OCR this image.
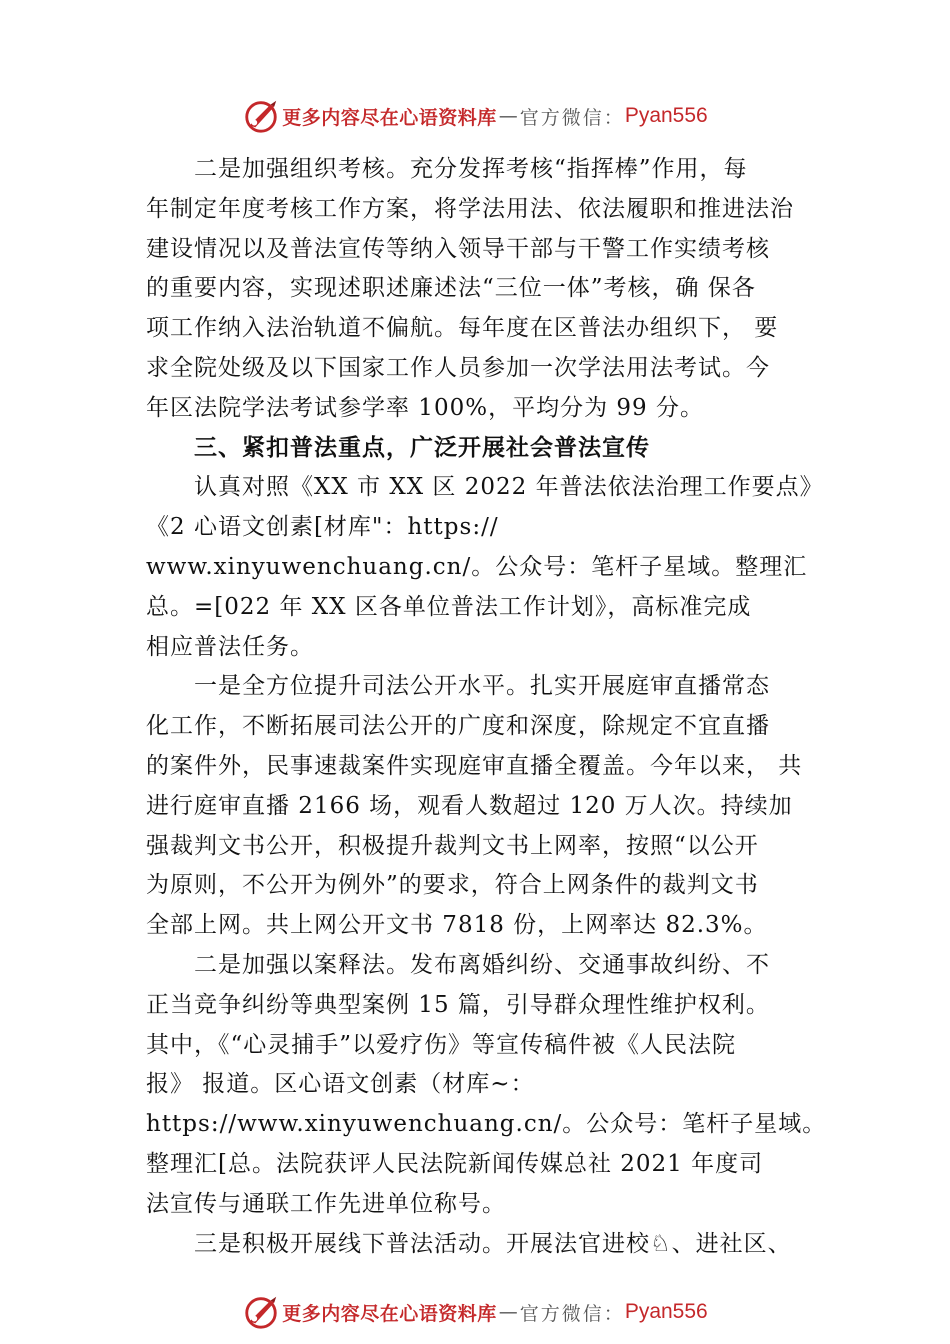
更多内容尽在心语资料库 — 官方微信： Pyan556
　　二是加强组织考核。充分发挥考核“指挥棒”作用，每
年制定年度考核工作方案，将学法用法、依法履职和推进法治
建设情况以及普法宣传等纳入领导干部与干警工作实绩考核
的重要内容，实现述职述廉述法“三位一体”考核，确 保各
项工作纳入法治轨道不偏航。每年度在区普法办组织下， 要
求全院处级及以下国家工作人员参加一次学法用法考试。今
年区法院学法考试参学率 100%，平均分为 99 分。
　　三、紧扣普法重点，广泛开展社会普法宣传
　　认真对照《XX 市 XX 区 2022 年普法依法治理工作要点》
《2 心语文创素[材库"：https://
www.xinyuwenchuang.cn/。公众号：笔杆子星域。整理汇
总。=[022 年 XX 区各单位普法工作计划》，高标准完成
相应普法任务。
　　一是全方位提升司法公开水平。扎实开展庭审直播常态
化工作，不断拓展司法公开的广度和深度，除规定不宜直播
的案件外，民事速裁案件实现庭审直播全覆盖。今年以来， 共
进行庭审直播 2166 场，观看人数超过 120 万人次。持续加
强裁判文书公开，积极提升裁判文书上网率，按照“以公开
为原则，不公开为例外”的要求，符合上网条件的裁判文书
全部上网。共上网公开文书 7818 份，上网率达 82.3%。
　　二是加强以案释法。发布离婚纠纷、交通事故纠纷、不
正当竞争纠纷等典型案例 15 篇，引导群众理性维护权利。
其中，《“心灵捕手”以爱疗伤》等宣传稿件被《人民法院
报》 报道。区心语文创素（材库~：
https://www.xinyuwenchuang.cn/。公众号：笔杆子星域。
整理汇[总。法院获评人民法院新闻传媒总社 2021 年度司
法宣传与通联工作先进单位称号。
　　三是积极开展线下普法活动。开展法官进校♘、进社区、
更多内容尽在心语资料库 — 官方微信： Pyan556
